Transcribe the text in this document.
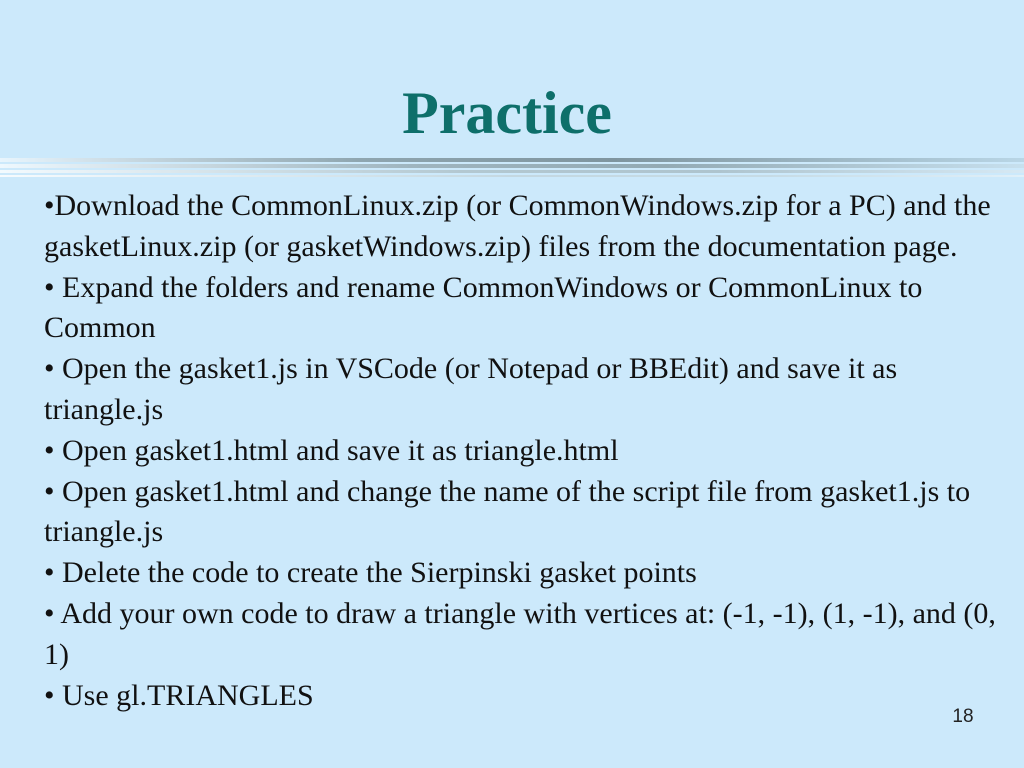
Practice

•Download the CommonLinux.zip (or CommonWindows.zip for a PC) and the gasketLinux.zip (or gasketWindows.zip) files from the documentation page.

• Expand the folders and rename CommonWindows or CommonLinux to Common

• Open the gasket1.js in VSCode (or Notepad or BBEdit) and save it as triangle.js

• Open gasket1.html and save it as triangle.html

• Open gasket1.html and change the name of the script file from gasket1.js to triangle.js

• Delete the code to create the Sierpinski gasket points

• Add your own code to draw a triangle with vertices at: (-1, -1), (1, -1), and (0, 1)

• Use gl.TRIANGLES

18
